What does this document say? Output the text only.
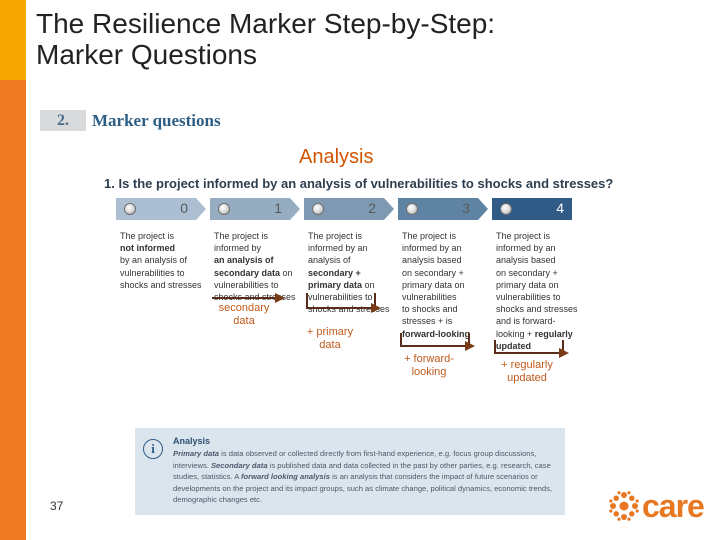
The Resilience Marker Step-by-Step:
Marker Questions
2.	Marker questions
Analysis
1. Is the project informed by an analysis of vulnerabilities to shocks and stresses?
0
The project is
not informed
by an analysis of
vulnerabilities to
shocks and stresses
1
The project is
informed by
an analysis of
secondary data on
vulnerabilities to
shocks and stresses
2
The project is
informed by an
analysis of
secondary +
primary data on
vulnerabilities to
shocks and stresses
3
The project is
informed by an
analysis based
on secondary +
primary data on
vulnerabilities
to shocks and
stresses + is
forward-looking
4
The project is
informed by an
analysis based
on secondary +
primary data on
vulnerabilities to
shocks and stresses
and is forward-
looking + regularly
updated
secondary
data
+ primary
data
+ forward-
looking
+ regularly
updated
i	Analysis
Primary data is data observed or collected directly from first-hand experience, e.g. focus group discussions, interviews. Secondary data is published data and data collected in the past by other parties, e.g. research, case studies, statistics. A forward looking analysis is an analysis that considers the impact of future scenarios or developments on the project and its impact groups, such as climate change, political dynamics, economic trends, demographic changes etc.
37	care
